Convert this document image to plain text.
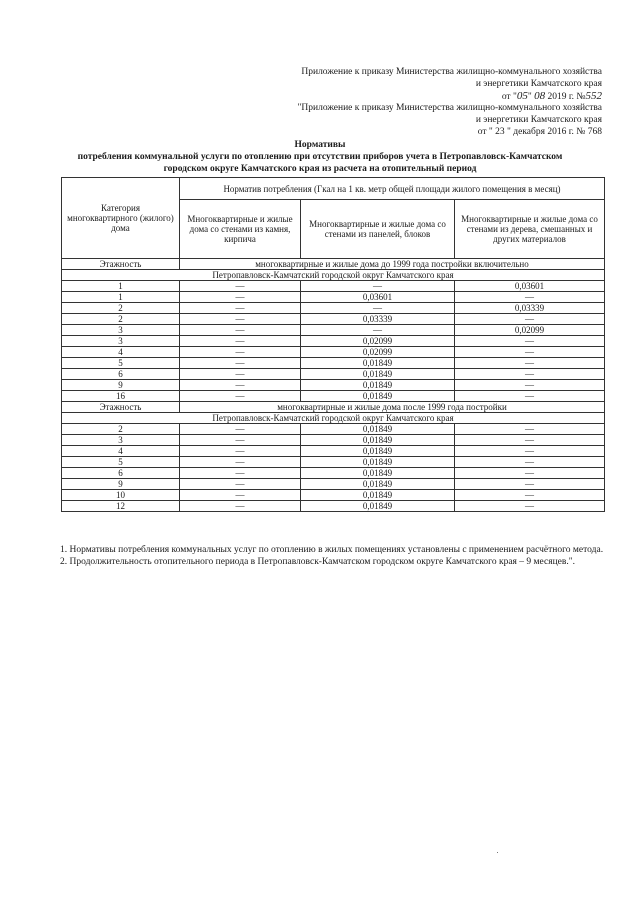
Приложение к приказу Министерства жилищно-коммунального хозяйства
и энергетики Камчатского края
от "05" 08 2019 г. №552
"Приложение к приказу Министерства жилищно-коммунального хозяйства
и энергетики Камчатского края
от " 23 " декабря 2016 г. № 768
Нормативы
потребления коммунальной услуги по отоплению при отсутствии приборов учета в Петропавловск-Камчатском
городском округе Камчатского края из расчета на отопительный период
Категория многоквартирного (жилого) дома	Норматив потребления (Гкал на 1 кв. метр общей площади жилого помещения в месяц)		
	Многоквартирные и жилые дома со стенами из камня, кирпича	Многоквартирные и жилые дома со стенами из панелей, блоков	Многоквартирные и жилые дома со стенами из дерева, смешанных и других материалов
Этажность	многоквартирные и жилые дома до 1999 года постройки включительно		
Петропавловск-Камчатский городской округ Камчатского края			
1	—	—	0,03601
1	—	0,03601	—
2	—	—	0,03339
2	—	0,03339	—
3	—	—	0,02099
3	—	0,02099	—
4	—	0,02099	—
5	—	0,01849	—
6	—	0,01849	—
9	—	0,01849	—
16	—	0,01849	—
Этажность	многоквартирные и жилые дома после 1999 года постройки		
Петропавловск-Камчатский городской округ Камчатского края			
2	—	0,01849	—
3	—	0,01849	—
4	—	0,01849	—
5	—	0,01849	—
6	—	0,01849	—
9	—	0,01849	—
10	—	0,01849	—
12	—	0,01849	—

1. Нормативы потребления коммунальных услуг по отоплению в жилых помещениях установлены с применением расчётного метода.

2. Продолжительность отопительного периода в Петропавловск-Камчатском городском округе Камчатского края – 9 месяцев.".
